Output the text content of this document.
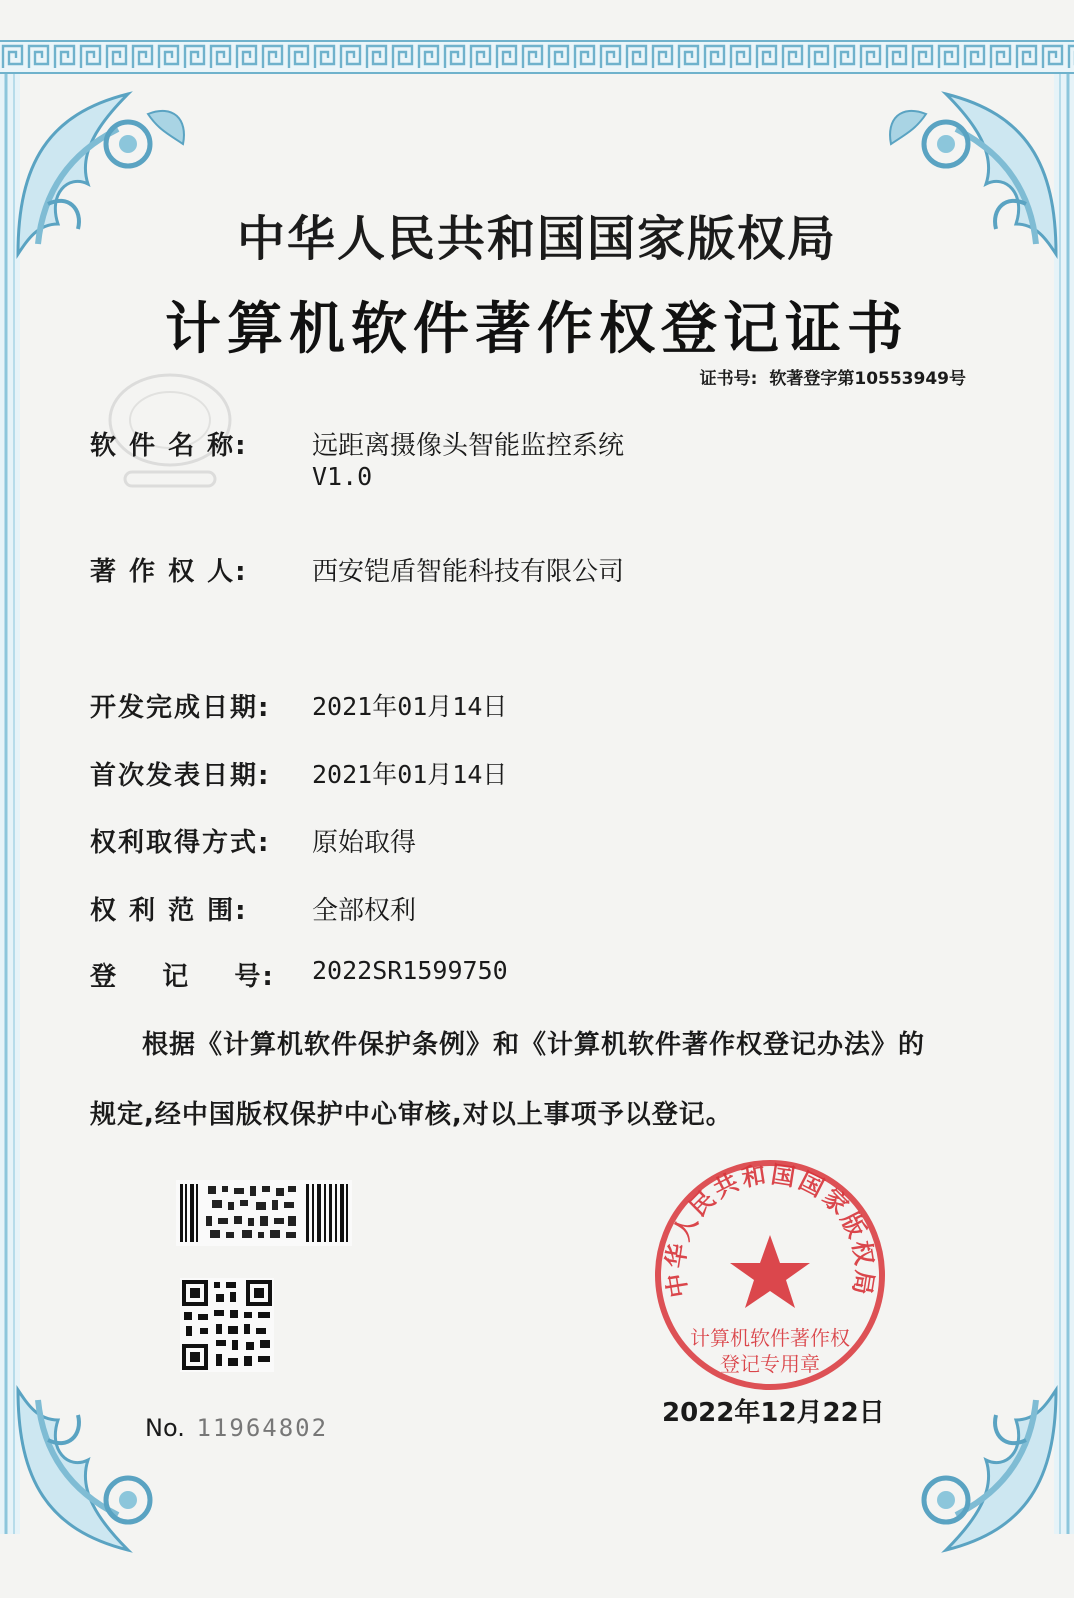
中华人民共和国国家版权局
计算机软件著作权登记证书
证书号: 软著登字第10553949号
软 件 名 称: 远距离摄像头智能监控系统
V1.0
著 作 权 人: 西安铠盾智能科技有限公司
开发完成日期: 2021年01月14日
首次发表日期: 2021年01月14日
权利取得方式: 原始取得
权 利 范 围: 全部权利
登    记    号: 2022SR1599750
根据《计算机软件保护条例》和《计算机软件著作权登记办法》的
规定,经中国版权保护中心审核,对以上事项予以登记。
No. 11964802
中华人民共和国国家版权局
计算机软件著作权
登记专用章
2022年12月22日
